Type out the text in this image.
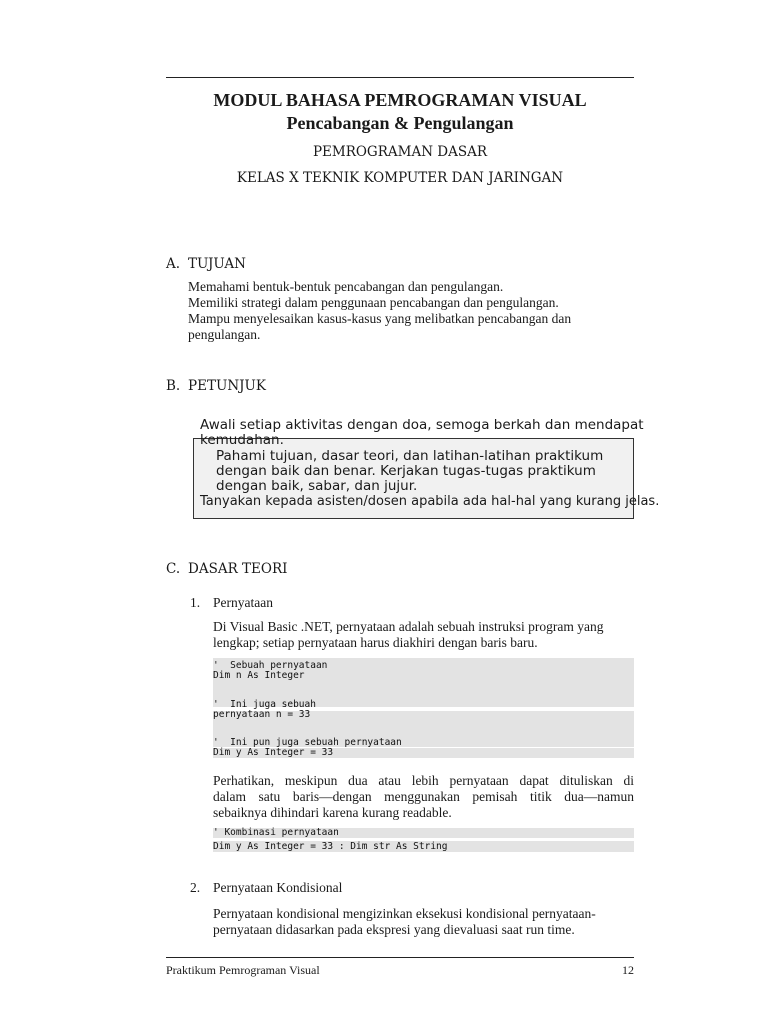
MODUL BAHASA PEMROGRAMAN VISUAL
Pencabangan & Pengulangan
PEMROGRAMAN DASAR
KELAS X TEKNIK KOMPUTER DAN JARINGAN
A. TUJUAN
Memahami bentuk-bentuk pencabangan dan pengulangan.
Memiliki strategi dalam penggunaan pencabangan dan pengulangan.
Mampu menyelesaikan kasus-kasus yang melibatkan pencabangan dan
pengulangan.
B. PETUNJUK
Awali setiap aktivitas dengan doa, semoga berkah dan mendapat
kemudahan.
Pahami tujuan, dasar teori, dan latihan-latihan praktikum
dengan baik dan benar. Kerjakan tugas-tugas praktikum
dengan baik, sabar, dan jujur.
Tanyakan kepada asisten/dosen apabila ada hal-hal yang kurang jelas.
C. DASAR TEORI
1. Pernyataan
Di Visual Basic .NET, pernyataan adalah sebuah instruksi program yang
lengkap; setiap pernyataan harus diakhiri dengan baris baru.
'  Sebuah pernyataan
Dim n As Integer
'  Ini juga sebuah
pernyataan n = 33
'  Ini pun juga sebuah pernyataan
Dim y As Integer = 33
Perhatikan, meskipun dua atau lebih pernyataan dapat dituliskan di
dalam satu baris—dengan menggunakan pemisah titik dua—namun
sebaiknya dihindari karena kurang readable.
' Kombinasi pernyataan
Dim y As Integer = 33 : Dim str As String
2. Pernyataan Kondisional
Pernyataan kondisional mengizinkan eksekusi kondisional pernyataan-
pernyataan didasarkan pada ekspresi yang dievaluasi saat run time.
Praktikum Pemrograman Visual	12
